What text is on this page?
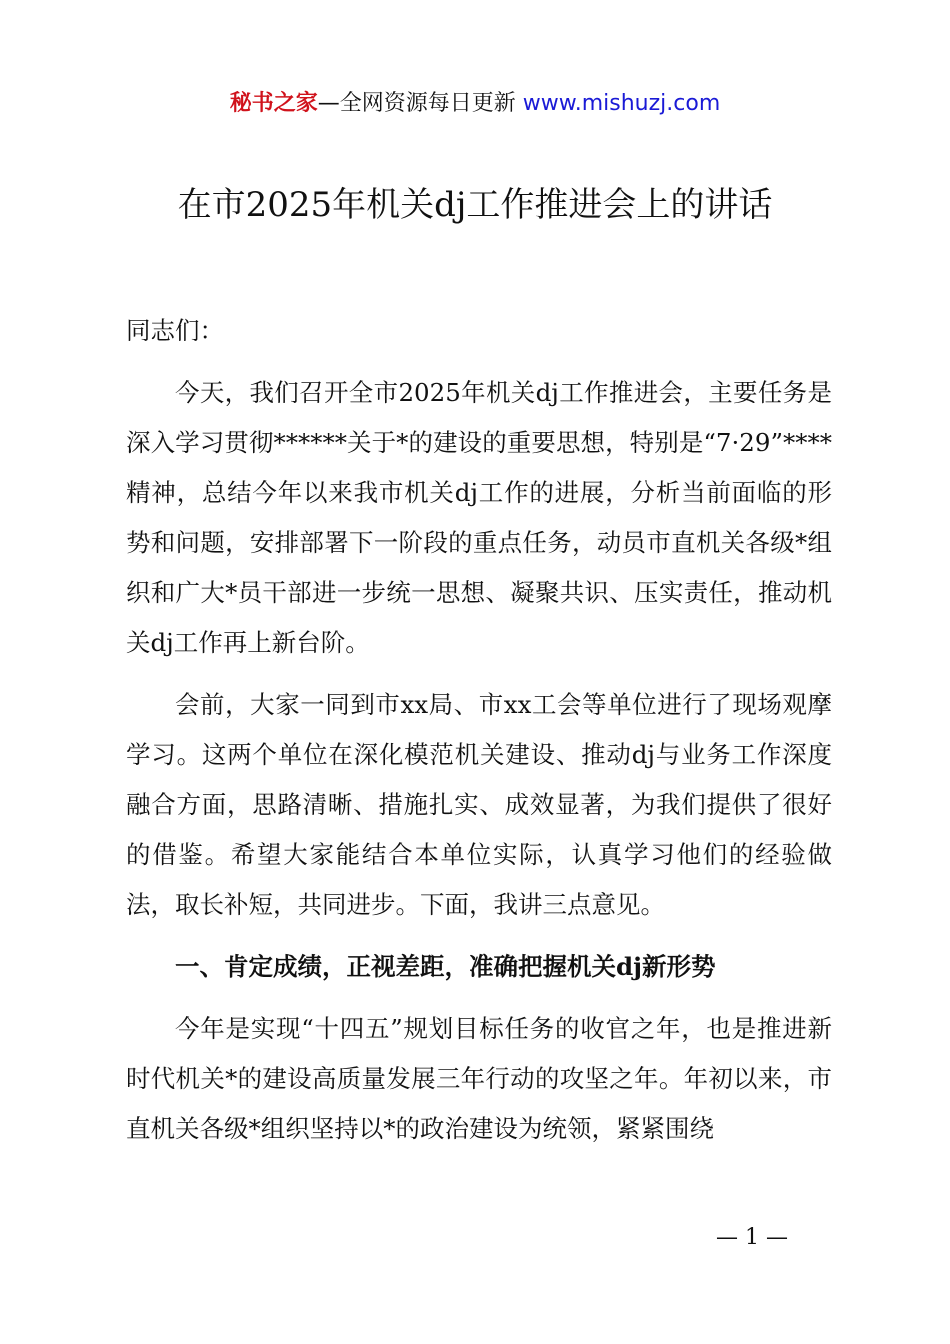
秘书之家—全网资源每日更新 www.mishuzj.com
在市2025年机关dj工作推进会上的讲话
同志们：
今天，我们召开全市2025年机关dj工作推进会，主要任务是深入学习贯彻******关于*的建设的重要思想，特别是“7·29”****精神，总结今年以来我市机关dj工作的进展，分析当前面临的形势和问题，安排部署下一阶段的重点任务，动员市直机关各级*组织和广大*员干部进一步统一思想、凝聚共识、压实责任，推动机关dj工作再上新台阶。
会前，大家一同到市xx局、市xx工会等单位进行了现场观摩学习。这两个单位在深化模范机关建设、推动dj与业务工作深度融合方面，思路清晰、措施扎实、成效显著，为我们提供了很好的借鉴。希望大家能结合本单位实际，认真学习他们的经验做法，取长补短，共同进步。下面，我讲三点意见。
一、肯定成绩，正视差距，准确把握机关dj新形势
今年是实现“十四五”规划目标任务的收官之年，也是推进新时代机关*的建设高质量发展三年行动的攻坚之年。年初以来，市直机关各级*组织坚持以*的政治建设为统领，紧紧围绕
— 1 —
